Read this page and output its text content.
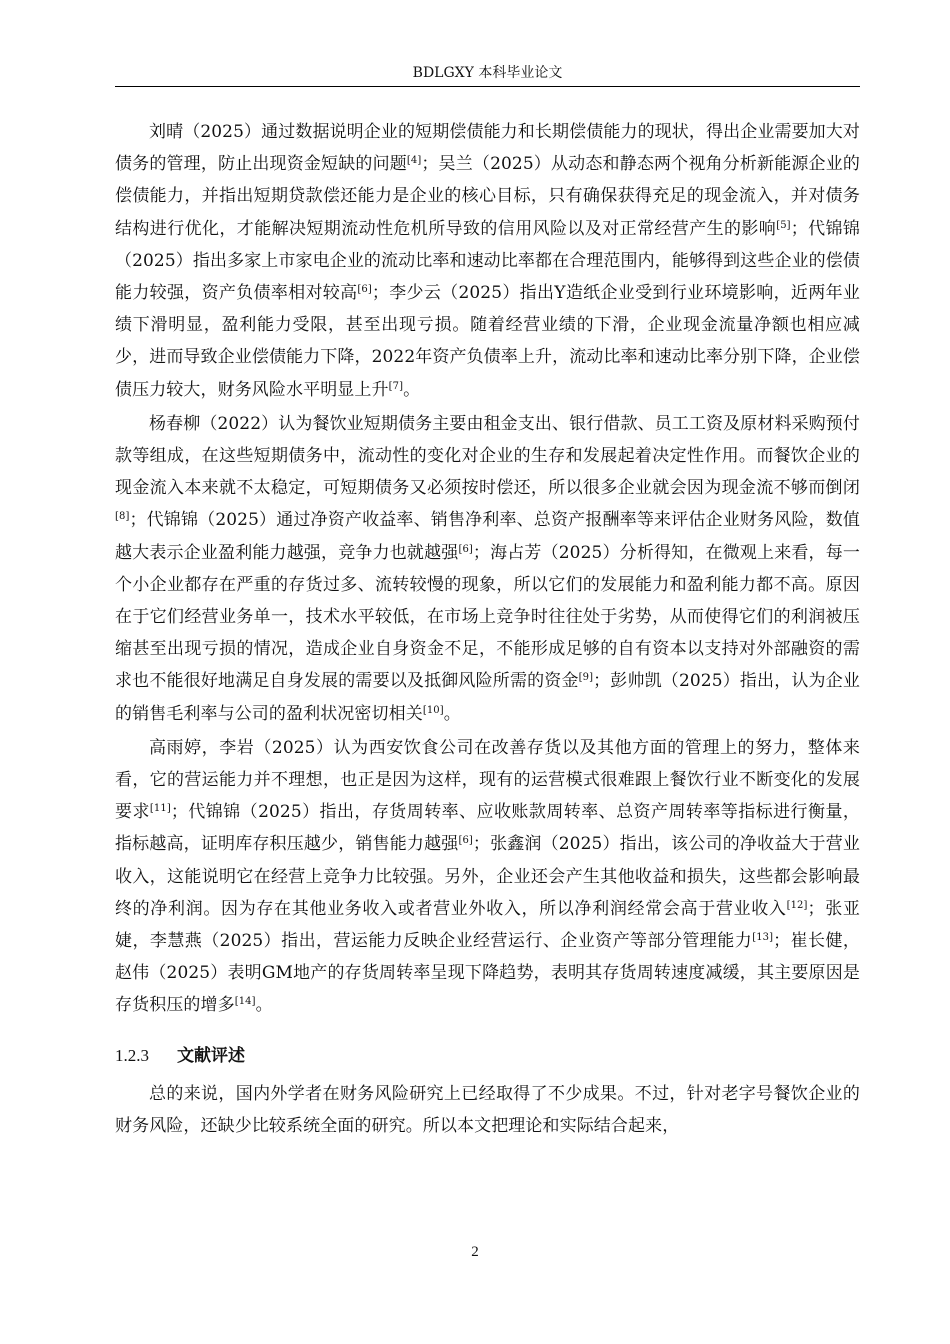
BDLGXY 本科毕业论文

刘晴（2025）通过数据说明企业的短期偿债能力和长期偿债能力的现状，得出企业需要加大对债务的管理，防止出现资金短缺的问题[4]；吴兰（2025）从动态和静态两个视角分析新能源企业的偿债能力，并指出短期贷款偿还能力是企业的核心目标，只有确保获得充足的现金流入，并对债务结构进行优化，才能解决短期流动性危机所导致的信用风险以及对正常经营产生的影响[5]；代锦锦（2025）指出多家上市家电企业的流动比率和速动比率都在合理范围内，能够得到这些企业的偿债能力较强，资产负债率相对较高[6]；李少云（2025）指出Y造纸企业受到行业环境影响，近两年业绩下滑明显，盈利能力受限，甚至出现亏损。随着经营业绩的下滑，企业现金流量净额也相应减少，进而导致企业偿债能力下降，2022年资产负债率上升，流动比率和速动比率分别下降，企业偿债压力较大，财务风险水平明显上升[7]。

杨春柳（2022）认为餐饮业短期债务主要由租金支出、银行借款、员工工资及原材料采购预付款等组成，在这些短期债务中，流动性的变化对企业的生存和发展起着决定性作用。而餐饮企业的现金流入本来就不太稳定，可短期债务又必须按时偿还，所以很多企业就会因为现金流不够而倒闭[8]；代锦锦（2025）通过净资产收益率、销售净利率、总资产报酬率等来评估企业财务风险，数值越大表示企业盈利能力越强，竞争力也就越强[6]；海占芳（2025）分析得知，在微观上来看，每一个小企业都存在严重的存货过多、流转较慢的现象，所以它们的发展能力和盈利能力都不高。原因在于它们经营业务单一，技术水平较低，在市场上竞争时往往处于劣势，从而使得它们的利润被压缩甚至出现亏损的情况，造成企业自身资金不足，不能形成足够的自有资本以支持对外部融资的需求也不能很好地满足自身发展的需要以及抵御风险所需的资金[9]；彭帅凯（2025）指出，认为企业的销售毛利率与公司的盈利状况密切相关[10]。

高雨婷，李岩（2025）认为西安饮食公司在改善存货以及其他方面的管理上的努力，整体来看，它的营运能力并不理想，也正是因为这样，现有的运营模式很难跟上餐饮行业不断变化的发展要求[11]；代锦锦（2025）指出，存货周转率、应收账款周转率、总资产周转率等指标进行衡量，指标越高，证明库存积压越少，销售能力越强[6]；张鑫润（2025）指出，该公司的净收益大于营业收入，这能说明它在经营上竞争力比较强。另外，企业还会产生其他收益和损失，这些都会影响最终的净利润。因为存在其他业务收入或者营业外收入，所以净利润经常会高于营业收入[12]；张亚婕，李慧燕（2025）指出，营运能力反映企业经营运行、企业资产等部分管理能力[13]；崔长健，赵伟（2025）表明GM地产的存货周转率呈现下降趋势，表明其存货周转速度减缓，其主要原因是存货积压的增多[14]。

1.2.3 文献评述

总的来说，国内外学者在财务风险研究上已经取得了不少成果。不过，针对老字号餐饮企业的财务风险，还缺少比较系统全面的研究。所以本文把理论和实际结合起来，

2
